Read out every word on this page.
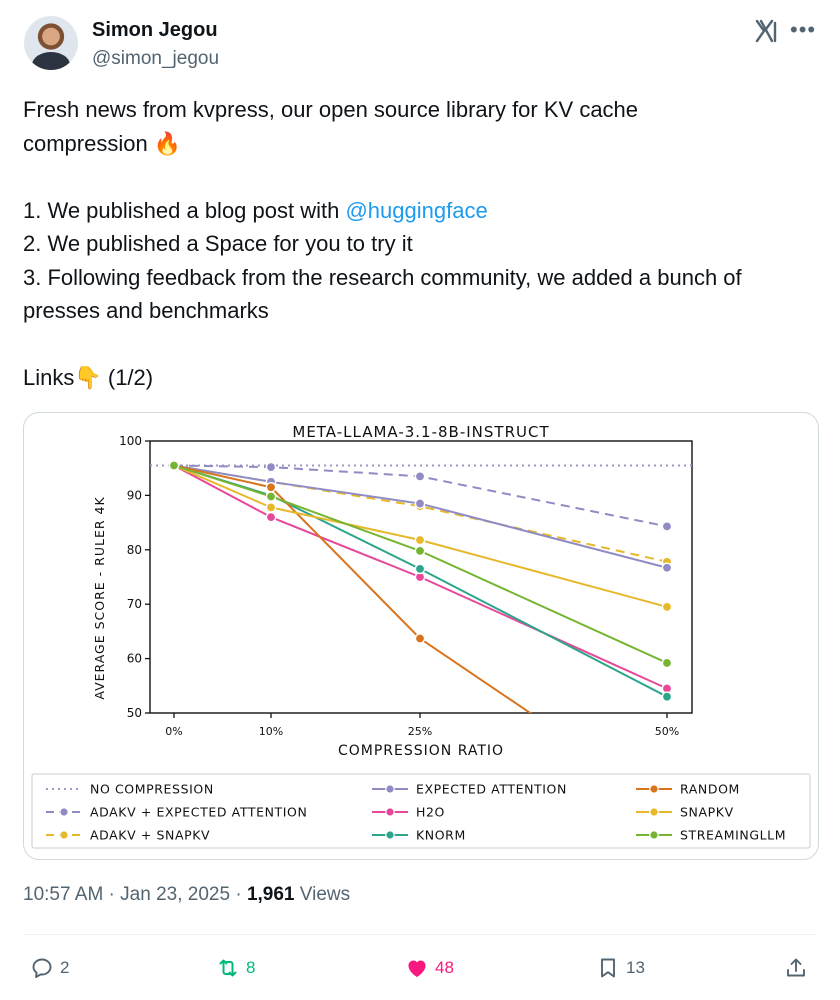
Simon Jegou
@simon_jegou
•••

Fresh news from kvpress, our open source library for KV cache

compression 🔥

1. We published a blog post with @huggingface

2. We published a Space for you to try it

3. Following feedback from the research community, we added a bunch of

presses and benchmarks

Links👇 (1/2)

META-LLAMA-3.1-8B-INSTRUCT
COMPRESSION RATIO
AVERAGE SCORE - RULER 4K
50
60
70
80
90
100
0%	10%	25%	50%
NO COMPRESSION	EXPECTED ATTENTION	RANDOM
ADAKV + EXPECTED ATTENTION	H2O	SNAPKV
ADAKV + SNAPKV	KNORM	STREAMINGLLM
10:57 AM · Jan 23, 2025 · 1,961 Views
2	8	48	13
